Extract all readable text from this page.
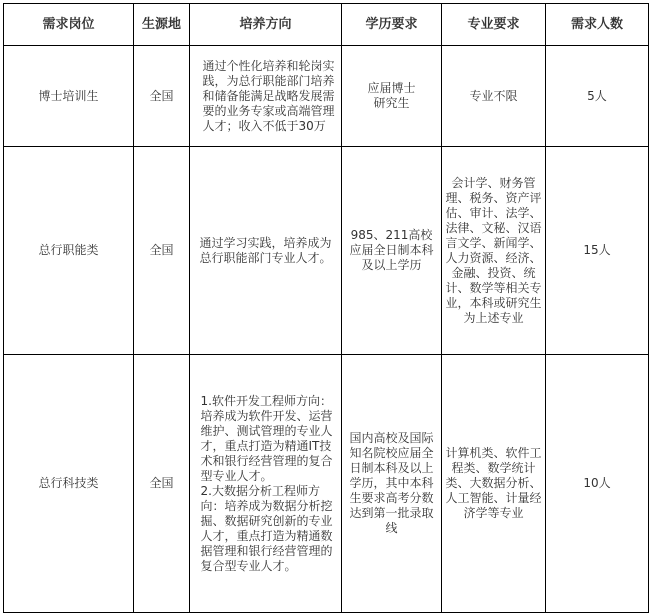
需求岗位	生源地	培养方向	学历要求	专业要求	需求人数

博士培训生	全国	通过个性化培养和轮岗实践，为总行职能部门培养和储备能满足战略发展需要的业务专家或高端管理人才；收入不低于30万	应届博士研究生	专业不限	5人

总行职能类	全国	通过学习实践，培养成为总行职能部门专业人才。	985、211高校应届全日制本科及以上学历	会计学、财务管理、税务、资产评估、审计、法学、法律、文秘、汉语言文学、新闻学、人力资源、经济、金融、投资、统计、数学等相关专业，本科或研究生为上述专业	15人

总行科技类	全国	1.软件开发工程师方向：培养成为软件开发、运营维护、测试管理的专业人才，重点打造为精通IT技术和银行经营管理的复合型专业人才。
2.大数据分析工程师方向：培养成为数据分析挖掘、数据研究创新的专业人才，重点打造为精通数据管理和银行经营管理的复合型专业人才。	国内高校及国际知名院校应届全日制本科及以上学历，其中本科生要求高考分数达到第一批录取线	计算机类、软件工程类、数学统计类、大数据分析、人工智能、计量经济学等专业	10人
